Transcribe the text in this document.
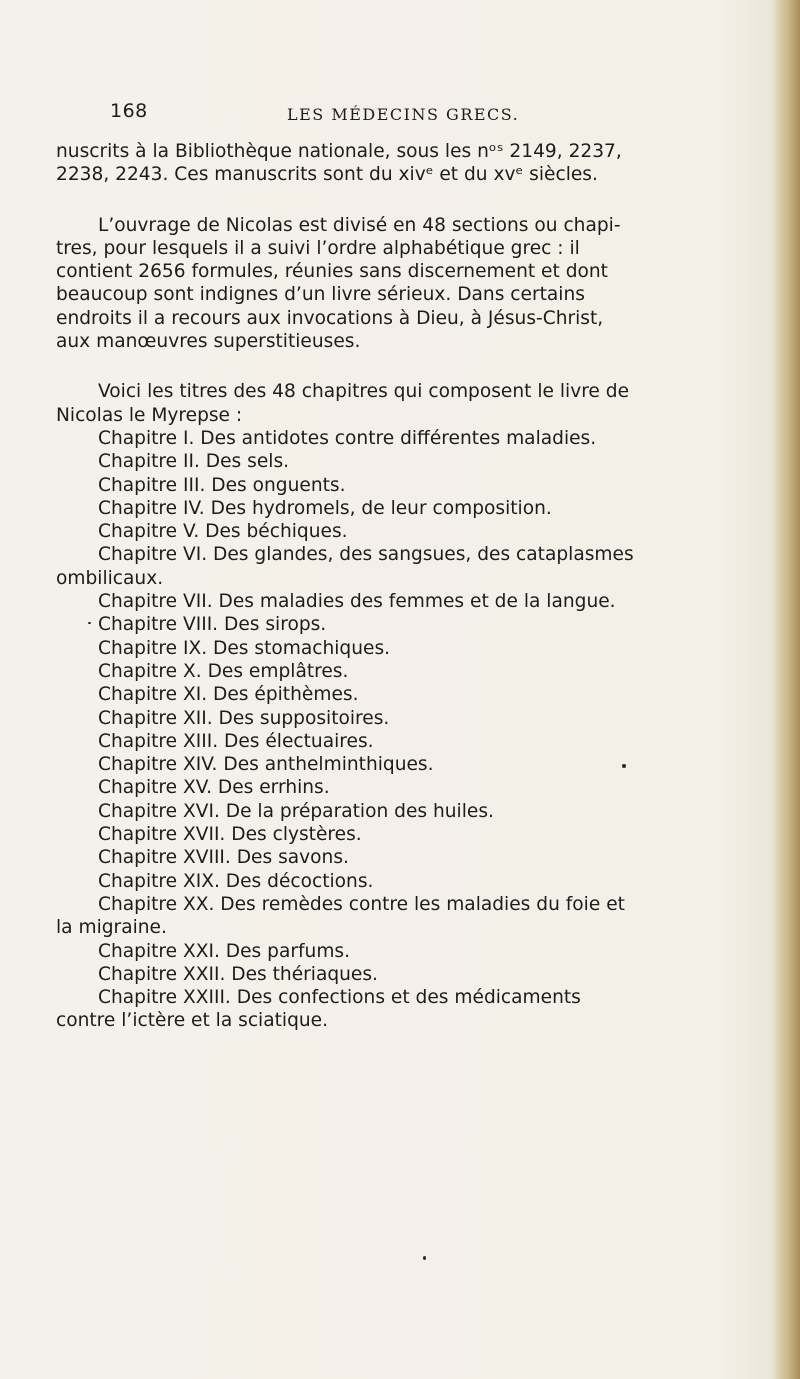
168	LES MÉDECINS GRECS.

nuscrits à la Bibliothèque nationale, sous les nᵒˢ 2149, 2237,

2238, 2243. Ces manuscrits sont du xivᵉ et du xvᵉ siècles.

L’ouvrage de Nicolas est divisé en 48 sections ou chapi-

tres, pour lesquels il a suivi l’ordre alphabétique grec : il

contient 2656 formules, réunies sans discernement et dont

beaucoup sont indignes d’un livre sérieux. Dans certains

endroits il a recours aux invocations à Dieu, à Jésus-Christ,

aux manœuvres superstitieuses.

Voici les titres des 48 chapitres qui composent le livre de

Nicolas le Myrepse :

Chapitre I. Des antidotes contre différentes maladies.

Chapitre II. Des sels.

Chapitre III. Des onguents.

Chapitre IV. Des hydromels, de leur composition.

Chapitre V. Des béchiques.

Chapitre VI. Des glandes, des sangsues, des cataplasmes

ombilicaux.

Chapitre VII. Des maladies des femmes et de la langue.

Chapitre VIII. Des sirops.

Chapitre IX. Des stomachiques.

Chapitre X. Des emplâtres.

Chapitre XI. Des épithèmes.

Chapitre XII. Des suppositoires.

Chapitre XIII. Des électuaires.

Chapitre XIV. Des anthelminthiques.

Chapitre XV. Des errhins.

Chapitre XVI. De la préparation des huiles.

Chapitre XVII. Des clystères.

Chapitre XVIII. Des savons.

Chapitre XIX. Des décoctions.

Chapitre XX. Des remèdes contre les maladies du foie et

la migraine.

Chapitre XXI. Des parfums.

Chapitre XXII. Des thériaques.

Chapitre XXIII. Des confections et des médicaments

contre l’ictère et la sciatique.
